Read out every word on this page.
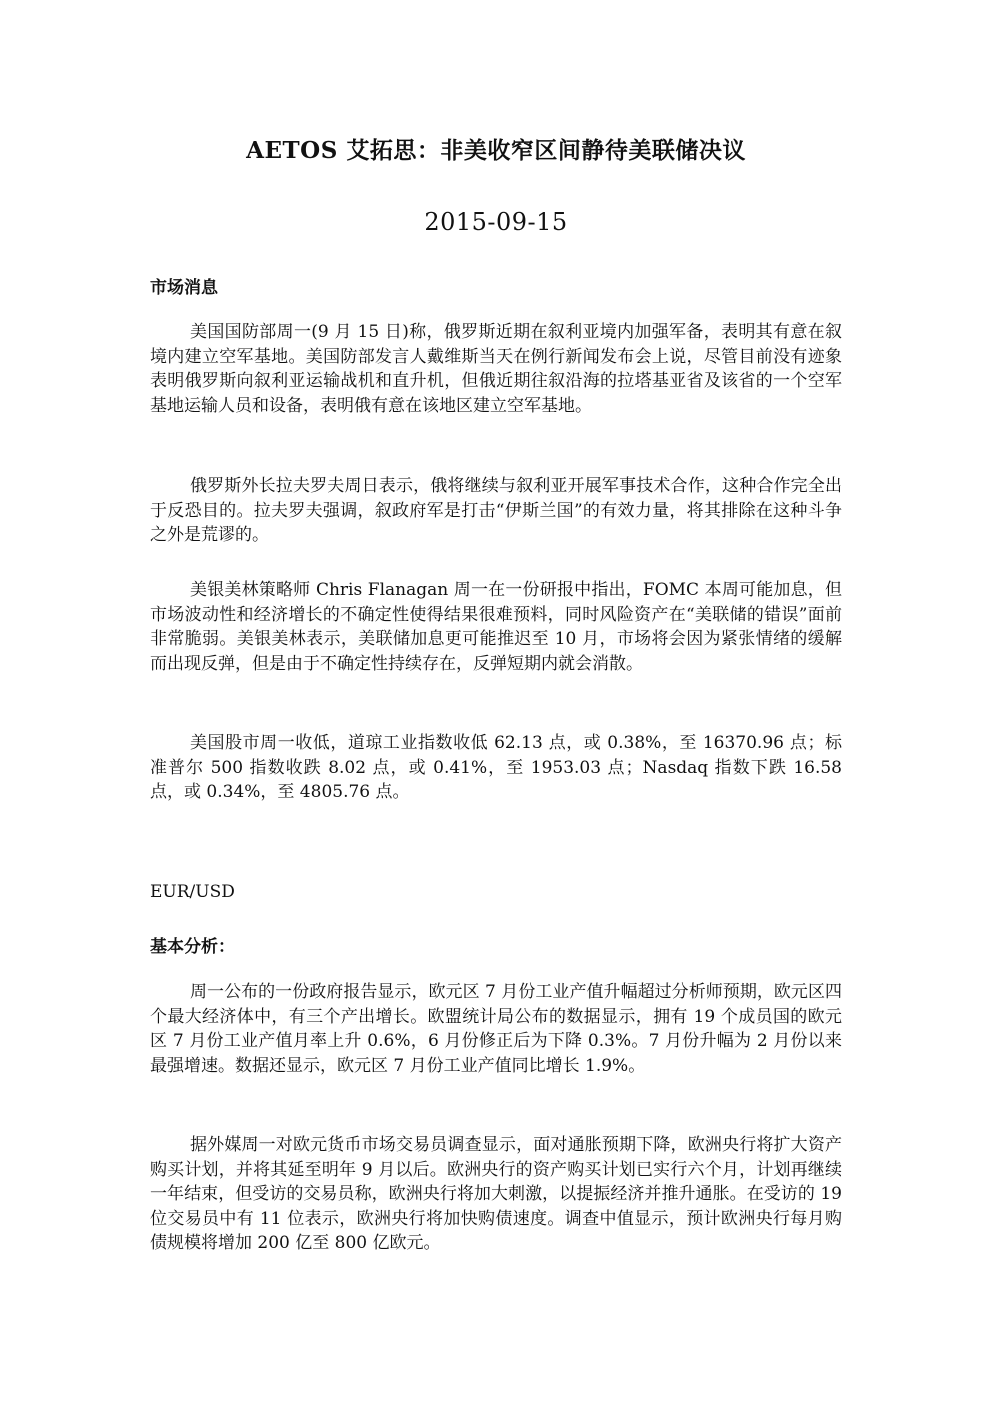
AETOS 艾拓思：非美收窄区间静待美联储决议
2015-09-15
市场消息
美国国防部周一(9 月 15 日)称，俄罗斯近期在叙利亚境内加强军备，表明其有意在叙境内建立空军基地。美国防部发言人戴维斯当天在例行新闻发布会上说，尽管目前没有迹象表明俄罗斯向叙利亚运输战机和直升机，但俄近期往叙沿海的拉塔基亚省及该省的一个空军基地运输人员和设备，表明俄有意在该地区建立空军基地。
俄罗斯外长拉夫罗夫周日表示，俄将继续与叙利亚开展军事技术合作，这种合作完全出于反恐目的。拉夫罗夫强调，叙政府军是打击“伊斯兰国”的有效力量，将其排除在这种斗争之外是荒谬的。
美银美林策略师 Chris Flanagan 周一在一份研报中指出，FOMC 本周可能加息，但市场波动性和经济增长的不确定性使得结果很难预料，同时风险资产在“美联储的错误”面前非常脆弱。美银美林表示，美联储加息更可能推迟至 10 月，市场将会因为紧张情绪的缓解而出现反弹，但是由于不确定性持续存在，反弹短期内就会消散。
美国股市周一收低，道琼工业指数收低 62.13 点，或 0.38%，至 16370.96 点；标准普尔 500 指数收跌 8.02 点，或 0.41%，至 1953.03 点；Nasdaq 指数下跌 16.58 点，或 0.34%，至 4805.76 点。
EUR/USD
基本分析：
周一公布的一份政府报告显示，欧元区 7 月份工业产值升幅超过分析师预期，欧元区四个最大经济体中，有三个产出增长。欧盟统计局公布的数据显示，拥有 19 个成员国的欧元区 7 月份工业产值月率上升 0.6%，6 月份修正后为下降 0.3%。7 月份升幅为 2 月份以来最强增速。数据还显示，欧元区 7 月份工业产值同比增长 1.9%。
据外媒周一对欧元货币市场交易员调查显示，面对通胀预期下降，欧洲央行将扩大资产购买计划，并将其延至明年 9 月以后。欧洲央行的资产购买计划已实行六个月，计划再继续一年结束，但受访的交易员称，欧洲央行将加大刺激，以提振经济并推升通胀。在受访的 19 位交易员中有 11 位表示，欧洲央行将加快购债速度。调查中值显示，预计欧洲央行每月购债规模将增加 200 亿至 800 亿欧元。
